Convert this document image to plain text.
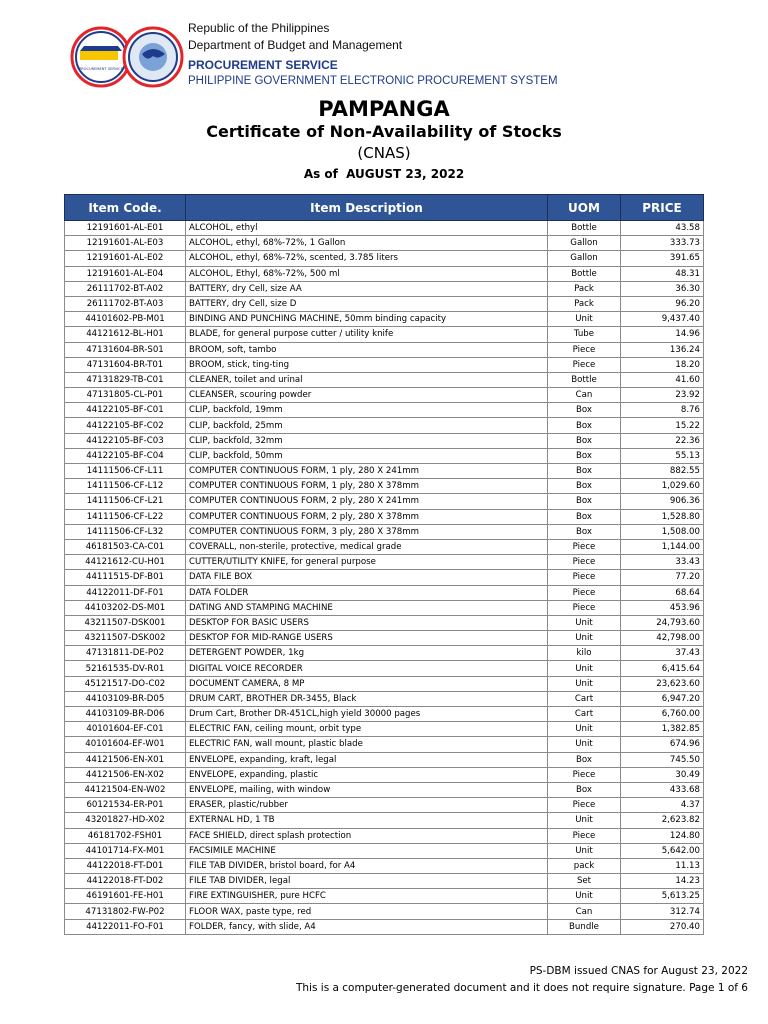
PROCUREMENT SERVICE
Republic of the Philippines
Department of Budget and Management
PROCUREMENT SERVICE
PHILIPPINE GOVERNMENT ELECTRONIC PROCUREMENT SYSTEM
PAMPANGA
Certificate of Non-Availability of Stocks
(CNAS)
As of AUGUST 23, 2022
Item Code.	Item Description	UOM	PRICE
12191601-AL-E01	ALCOHOL, ethyl	Bottle	43.58
12191601-AL-E03	ALCOHOL, ethyl, 68%-72%, 1 Gallon	Gallon	333.73
12191601-AL-E02	ALCOHOL, ethyl, 68%-72%, scented, 3.785 liters	Gallon	391.65
12191601-AL-E04	ALCOHOL, Ethyl, 68%-72%, 500 ml	Bottle	48.31
26111702-BT-A02	BATTERY, dry Cell, size AA	Pack	36.30
26111702-BT-A03	BATTERY, dry Cell, size D	Pack	96.20
44101602-PB-M01	BINDING AND PUNCHING MACHINE, 50mm binding capacity	Unit	9,437.40
44121612-BL-H01	BLADE, for general purpose cutter / utility knife	Tube	14.96
47131604-BR-S01	BROOM, soft, tambo	Piece	136.24
47131604-BR-T01	BROOM, stick, ting-ting	Piece	18.20
47131829-TB-C01	CLEANER, toilet and urinal	Bottle	41.60
47131805-CL-P01	CLEANSER, scouring powder	Can	23.92
44122105-BF-C01	CLIP, backfold, 19mm	Box	8.76
44122105-BF-C02	CLIP, backfold, 25mm	Box	15.22
44122105-BF-C03	CLIP, backfold, 32mm	Box	22.36
44122105-BF-C04	CLIP, backfold, 50mm	Box	55.13
14111506-CF-L11	COMPUTER CONTINUOUS FORM, 1 ply, 280 X 241mm	Box	882.55
14111506-CF-L12	COMPUTER CONTINUOUS FORM, 1 ply, 280 X 378mm	Box	1,029.60
14111506-CF-L21	COMPUTER CONTINUOUS FORM, 2 ply, 280 X 241mm	Box	906.36
14111506-CF-L22	COMPUTER CONTINUOUS FORM, 2 ply, 280 X 378mm	Box	1,528.80
14111506-CF-L32	COMPUTER CONTINUOUS FORM, 3 ply, 280 X 378mm	Box	1,508.00
46181503-CA-C01	COVERALL, non-sterile, protective, medical grade	Piece	1,144.00
44121612-CU-H01	CUTTER/UTILITY KNIFE, for general purpose	Piece	33.43
44111515-DF-B01	DATA FILE BOX	Piece	77.20
44122011-DF-F01	DATA FOLDER	Piece	68.64
44103202-DS-M01	DATING AND STAMPING MACHINE	Piece	453.96
43211507-DSK001	DESKTOP FOR BASIC USERS	Unit	24,793.60
43211507-DSK002	DESKTOP FOR MID-RANGE USERS	Unit	42,798.00
47131811-DE-P02	DETERGENT POWDER, 1kg	kilo	37.43
52161535-DV-R01	DIGITAL VOICE RECORDER	Unit	6,415.64
45121517-DO-C02	DOCUMENT CAMERA, 8 MP	Unit	23,623.60
44103109-BR-D05	DRUM CART, BROTHER DR-3455, Black	Cart	6,947.20
44103109-BR-D06	Drum Cart, Brother DR-451CL,high yield 30000 pages	Cart	6,760.00
40101604-EF-C01	ELECTRIC FAN, ceiling mount, orbit type	Unit	1,382.85
40101604-EF-W01	ELECTRIC FAN, wall mount, plastic blade	Unit	674.96
44121506-EN-X01	ENVELOPE, expanding, kraft, legal	Box	745.50
44121506-EN-X02	ENVELOPE, expanding, plastic	Piece	30.49
44121504-EN-W02	ENVELOPE, mailing, with window	Box	433.68
60121534-ER-P01	ERASER, plastic/rubber	Piece	4.37
43201827-HD-X02	EXTERNAL HD, 1 TB	Unit	2,623.82
46181702-FSH01	FACE SHIELD, direct splash protection	Piece	124.80
44101714-FX-M01	FACSIMILE MACHINE	Unit	5,642.00
44122018-FT-D01	FILE TAB DIVIDER, bristol board, for A4	pack	11.13
44122018-FT-D02	FILE TAB DIVIDER, legal	Set	14.23
46191601-FE-H01	FIRE EXTINGUISHER, pure HCFC	Unit	5,613.25
47131802-FW-P02	FLOOR WAX, paste type, red	Can	312.74
44122011-FO-F01	FOLDER, fancy, with slide, A4	Bundle	270.40
PS-DBM issued CNAS for August 23, 2022
This is a computer-generated document and it does not require signature. Page 1 of 6
